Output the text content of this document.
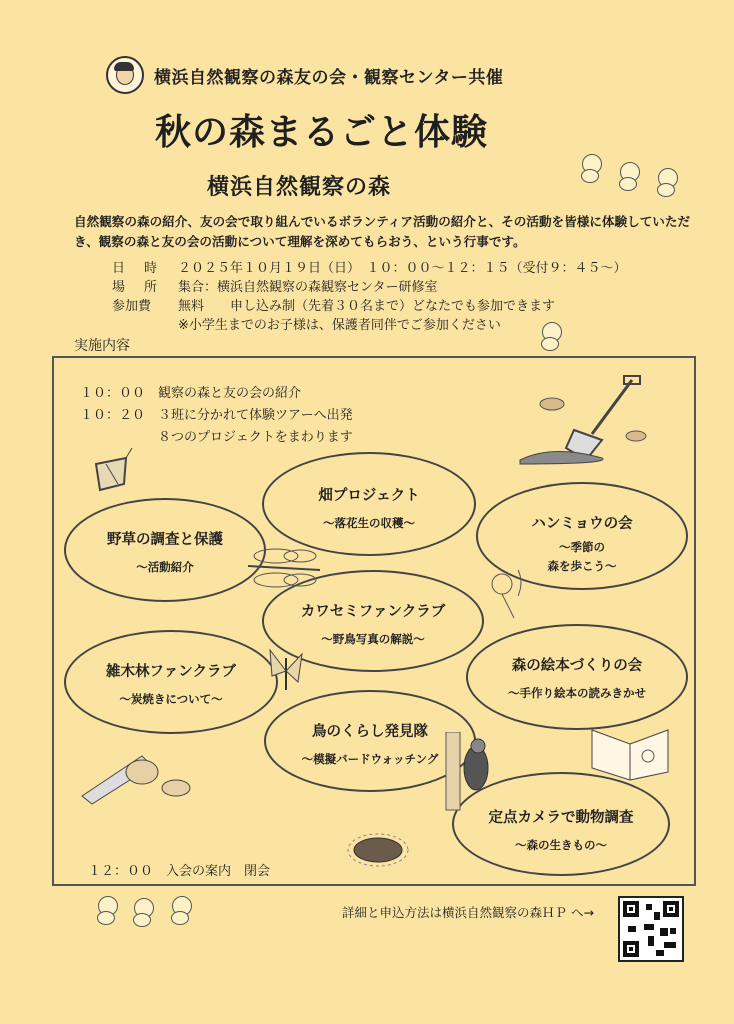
横浜自然観察の森友の会・観察センター共催
秋の森まるごと体験
横浜自然観察の森
自然観察の森の紹介、友の会で取り組んでいるボランティア活動の紹介と、その活動を皆様に体験していただき、観察の森と友の会の活動について理解を深めてもらおう、という行事です。
日　時	２０２５年１０月１９日（日）　１０：００～１２：１５（受付９：４５～）
場　所	集合：横浜自然観察の森観察センター研修室
参加費	無料　　申し込み制（先着３０名まで）どなたでも参加できます
※小学生までのお子様は、保護者同伴でご参加ください
実施内容
１０：００　観察の森と友の会の紹介
１０：２０　３班に分かれて体験ツアーへ出発
８つのプロジェクトをまわります
畑プロジェクト
～落花生の収穫～
野草の調査と保護
～活動紹介
ハンミョウの会
～季節の
森を歩こう～
カワセミファンクラブ
～野鳥写真の解説～
雑木林ファンクラブ
～炭焼きについて～
森の絵本づくりの会
～手作り絵本の読みきかせ
鳥のくらし発見隊
～模擬バードウォッチング
定点カメラで動物調査
～森の生きもの～
１２：００　入会の案内　閉会
詳細と申込方法は横浜自然観察の森ＨＰ へ→
